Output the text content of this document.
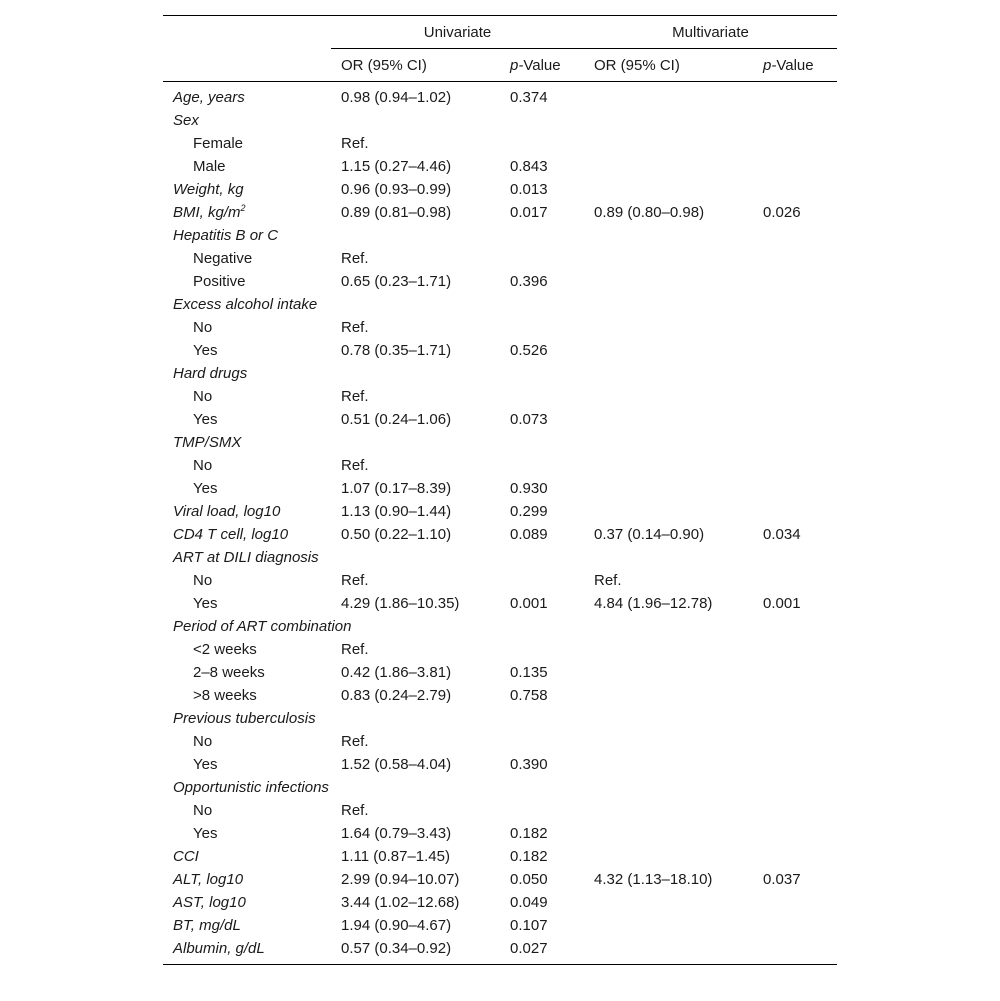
	Univariate		Multivariate	
	OR (95% CI)	p-Value	OR (95% CI)	p-Value
Age, years	0.98 (0.94–1.02)	0.374		
Sex				
Female	Ref.			
Male	1.15 (0.27–4.46)	0.843		
Weight, kg	0.96 (0.93–0.99)	0.013		
BMI, $kg/m^2$	0.89 (0.81–0.98)	0.017	0.89 (0.80–0.98)	0.026
Hepatitis B or C				
Negative	Ref.			
Positive	0.65 (0.23–1.71)	0.396		
Excess alcohol intake				
No	Ref.			
Yes	0.78 (0.35–1.71)	0.526		
Hard drugs				
No	Ref.			
Yes	0.51 (0.24–1.06)	0.073		
TMP/SMX				
No	Ref.			
Yes	1.07 (0.17–8.39)	0.930		
Viral load, log10	1.13 (0.90–1.44)	0.299		
CD4 T cell, log10	0.50 (0.22–1.10)	0.089	0.37 (0.14–0.90)	0.034
ART at DILI diagnosis				
No	Ref.		Ref.	
Yes	4.29 (1.86–10.35)	0.001	4.84 (1.96–12.78)	0.001
Period of ART combination				
<2 weeks	Ref.			
2–8 weeks	0.42 (1.86–3.81)	0.135		
>8 weeks	0.83 (0.24–2.79)	0.758		
Previous tuberculosis				
No	Ref.			
Yes	1.52 (0.58–4.04)	0.390		
Opportunistic infections				
No	Ref.			
Yes	1.64 (0.79–3.43)	0.182		
CCI	1.11 (0.87–1.45)	0.182		
ALT, log10	2.99 (0.94–10.07)	0.050	4.32 (1.13–18.10)	0.037
AST, log10	3.44 (1.02–12.68)	0.049		
BT, mg/dL	1.94 (0.90–4.67)	0.107		
Albumin, g/dL	0.57 (0.34–0.92)	0.027		
